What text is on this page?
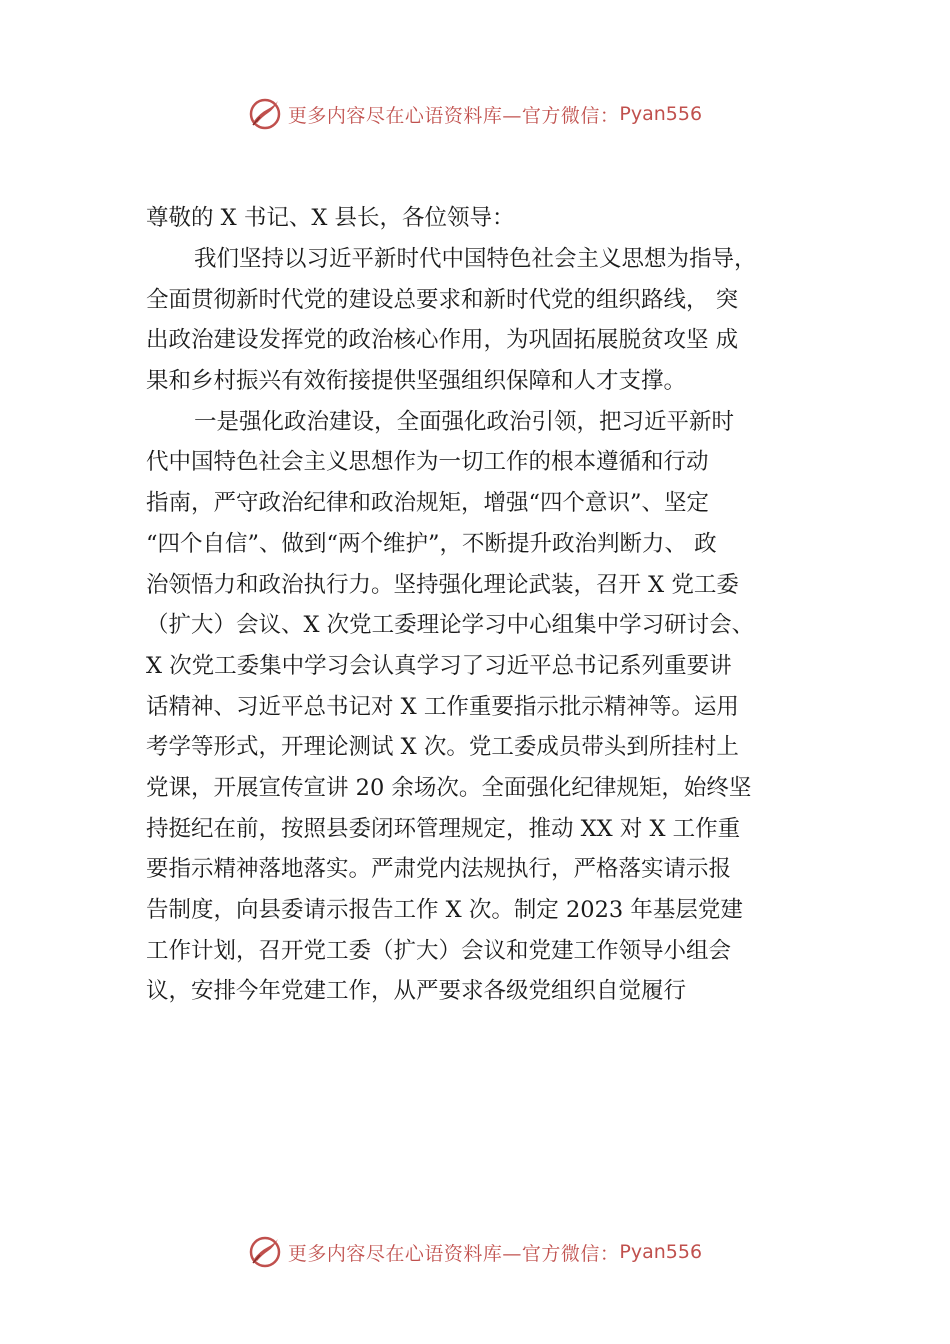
更多内容尽在心语资料库—官方微信： Pyan556

尊敬的 X 书记、X 县长，各位领导：

我们坚持以习近平新时代中国特色社会主义思想为指导，
全面贯彻新时代党的建设总要求和新时代党的组织路线， 突
出政治建设发挥党的政治核心作用，为巩固拓展脱贫攻坚 成
果和乡村振兴有效衔接提供坚强组织保障和人才支撑。
一是强化政治建设，全面强化政治引领，把习近平新时
代中国特色社会主义思想作为一切工作的根本遵循和行动
指南，严守政治纪律和政治规矩，增强“四个意识”、坚定
“四个自信”、做到“两个维护”，不断提升政治判断力、 政
治领悟力和政治执行力。坚持强化理论武装，召开 X 党工委
（扩大）会议、X 次党工委理论学习中心组集中学习研讨会、
X 次党工委集中学习会认真学习了习近平总书记系列重要讲
话精神、习近平总书记对 X 工作重要指示批示精神等。运用
考学等形式，开理论测试 X 次。党工委成员带头到所挂村上
党课，开展宣传宣讲 20 余场次。全面强化纪律规矩，始终坚
持挺纪在前，按照县委闭环管理规定，推动 XX 对 X 工作重
要指示精神落地落实。严肃党内法规执行，严格落实请示报
告制度，向县委请示报告工作 X 次。制定 2023 年基层党建
工作计划，召开党工委（扩大）会议和党建工作领导小组会
议，安排今年党建工作，从严要求各级党组织自觉履行
更多内容尽在心语资料库—官方微信： Pyan556
